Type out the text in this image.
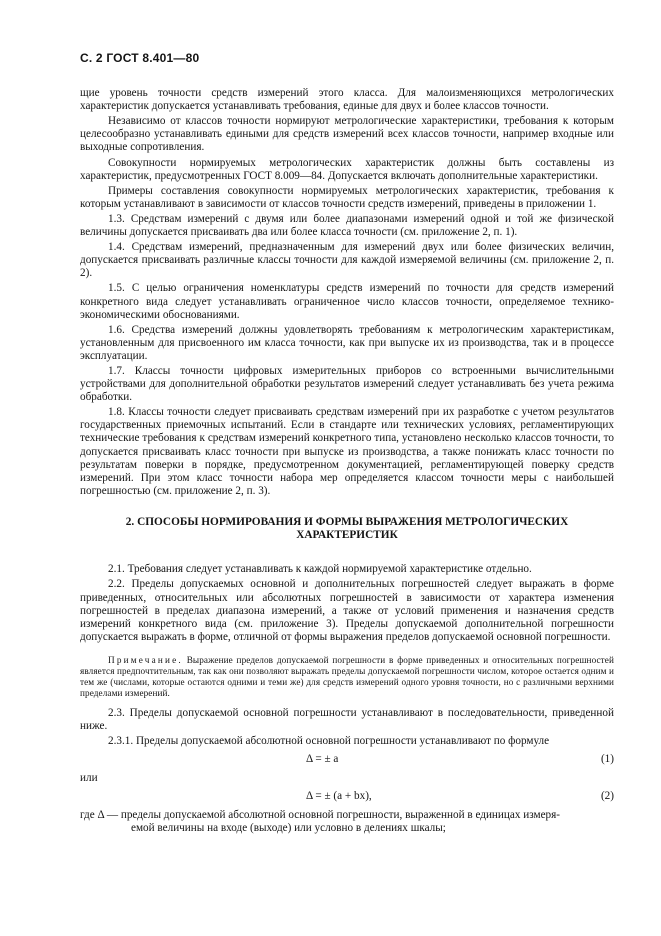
С. 2 ГОСТ 8.401—80

щие уровень точности средств измерений этого класса. Для малоизменяющихся метрологических характеристик допускается устанавливать требования, единые для двух и более классов точности.

Независимо от классов точности нормируют метрологические характеристики, требования к которым целесообразно устанавливать едиными для средств измерений всех классов точности, например входные или выходные сопротивления.

Совокупности нормируемых метрологических характеристик должны быть составлены из характеристик, предусмотренных ГОСТ 8.009—84. Допускается включать дополнительные характеристики.

Примеры составления совокупности нормируемых метрологических характеристик, требования к которым устанавливают в зависимости от классов точности средств измерений, приведены в приложении 1.

1.3. Средствам измерений с двумя или более диапазонами измерений одной и той же физической величины допускается присваивать два или более класса точности (см. приложение 2, п. 1).

1.4. Средствам измерений, предназначенным для измерений двух или более физических величин, допускается присваивать различные классы точности для каждой измеряемой величины (см. приложение 2, п. 2).

1.5. С целью ограничения номенклатуры средств измерений по точности для средств измерений конкретного вида следует устанавливать ограниченное число классов точности, определяемое технико-экономическими обоснованиями.

1.6. Средства измерений должны удовлетворять требованиям к метрологическим характеристикам, установленным для присвоенного им класса точности, как при выпуске их из производства, так и в процессе эксплуатации.

1.7. Классы точности цифровых измерительных приборов со встроенными вычислительными устройствами для дополнительной обработки результатов измерений следует устанавливать без учета режима обработки.

1.8. Классы точности следует присваивать средствам измерений при их разработке с учетом результатов государственных приемочных испытаний. Если в стандарте или технических условиях, регламентирующих технические требования к средствам измерений конкретного типа, установлено несколько классов точности, то допускается присваивать класс точности при выпуске из производства, а также понижать класс точности по результатам поверки в порядке, предусмотренном документацией, регламентирующей поверку средств измерений. При этом класс точности набора мер определяется классом точности меры с наибольшей погрешностью (см. приложение 2, п. 3).

2. СПОСОБЫ НОРМИРОВАНИЯ И ФОРМЫ ВЫРАЖЕНИЯ МЕТРОЛОГИЧЕСКИХ ХАРАКТЕРИСТИК

2.1. Требования следует устанавливать к каждой нормируемой характеристике отдельно.

2.2. Пределы допускаемых основной и дополнительных погрешностей следует выражать в форме приведенных, относительных или абсолютных погрешностей в зависимости от характера изменения погрешностей в пределах диапазона измерений, а также от условий применения и назначения средств измерений конкретного вида (см. приложение 3). Пределы допускаемой дополнительной погрешности допускается выражать в форме, отличной от формы выражения пределов допускаемой основной погрешности.

Примечание. Выражение пределов допускаемой погрешности в форме приведенных и относительных погрешностей является предпочтительным, так как они позволяют выражать пределы допускаемой погрешности числом, которое остается одним и тем же (числами, которые остаются одними и теми же) для средств измерений одного уровня точности, но с различными верхними пределами измерений.

2.3. Пределы допускаемой основной погрешности устанавливают в последовательности, приведенной ниже.

2.3.1. Пределы допускаемой абсолютной основной погрешности устанавливают по формуле

Δ = ± a	(1)
или
Δ = ± (a + bx),	(2)
где Δ — пределы допускаемой абсолютной основной погрешности, выраженной в единицах измеря-
емой величины на входе (выходе) или условно в делениях шкалы;
